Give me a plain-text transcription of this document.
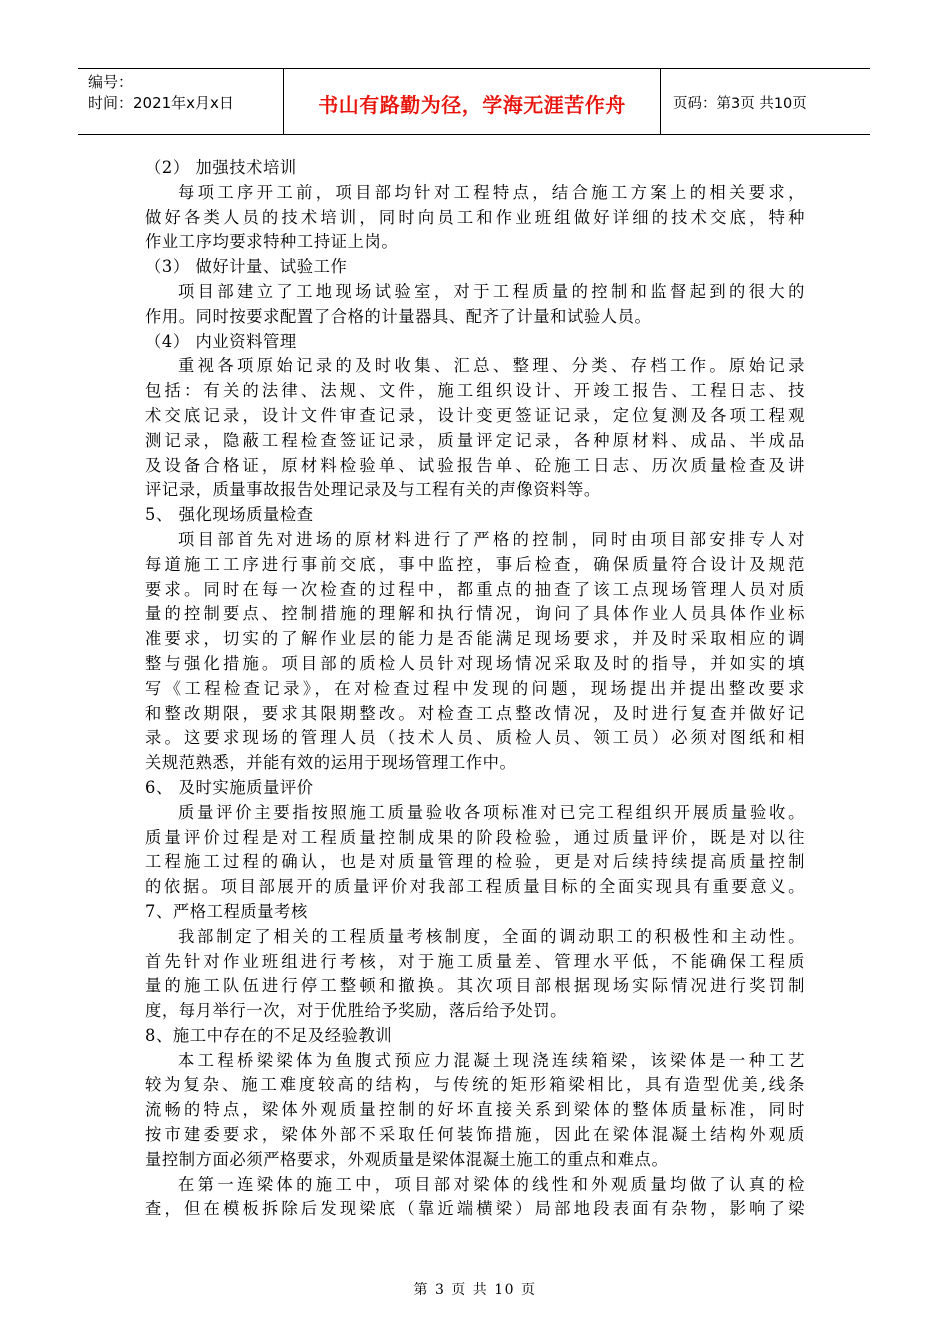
编号：
时间：2021年x月x日	书山有路勤为径，学海无涯苦作舟	页码：第3页 共10页
（2） 加强技术培训
每项工序开工前，项目部均针对工程特点，结合施工方案上的相关要求，
做好各类人员的技术培训，同时向员工和作业班组做好详细的技术交底，特种
作业工序均要求特种工持证上岗。
（3） 做好计量、试验工作
项目部建立了工地现场试验室，对于工程质量的控制和监督起到的很大的
作用。同时按要求配置了合格的计量器具、配齐了计量和试验人员。
（4） 内业资料管理
重视各项原始记录的及时收集、汇总、整理、分类、存档工作。原始记录
包括：有关的法律、法规、文件，施工组织设计、开竣工报告、工程日志、技
术交底记录，设计文件审查记录，设计变更签证记录，定位复测及各项工程观
测记录，隐蔽工程检查签证记录，质量评定记录，各种原材料、成品、半成品
及设备合格证，原材料检验单、试验报告单、砼施工日志、历次质量检查及讲
评记录，质量事故报告处理记录及与工程有关的声像资料等。
5、 强化现场质量检查
项目部首先对进场的原材料进行了严格的控制，同时由项目部安排专人对
每道施工工序进行事前交底，事中监控，事后检查，确保质量符合设计及规范
要求。同时在每一次检查的过程中，都重点的抽查了该工点现场管理人员对质
量的控制要点、控制措施的理解和执行情况，询问了具体作业人员具体作业标
准要求，切实的了解作业层的能力是否能满足现场要求，并及时采取相应的调
整与强化措施。项目部的质检人员针对现场情况采取及时的指导，并如实的填
写《工程检查记录》，在对检查过程中发现的问题，现场提出并提出整改要求
和整改期限，要求其限期整改。对检查工点整改情况，及时进行复查并做好记
录。这要求现场的管理人员（技术人员、质检人员、领工员）必须对图纸和相
关规范熟悉，并能有效的运用于现场管理工作中。
6、 及时实施质量评价
质量评价主要指按照施工质量验收各项标准对已完工程组织开展质量验收。
质量评价过程是对工程质量控制成果的阶段检验，通过质量评价，既是对以往
工程施工过程的确认，也是对质量管理的检验，更是对后续持续提高质量控制
的依据。项目部展开的质量评价对我部工程质量目标的全面实现具有重要意义。
7、严格工程质量考核
我部制定了相关的工程质量考核制度，全面的调动职工的积极性和主动性。
首先针对作业班组进行考核，对于施工质量差、管理水平低，不能确保工程质
量的施工队伍进行停工整顿和撤换。其次项目部根据现场实际情况进行奖罚制
度，每月举行一次，对于优胜给予奖励，落后给予处罚。
8、施工中存在的不足及经验教训
本工程桥梁梁体为鱼腹式预应力混凝土现浇连续箱梁，该梁体是一种工艺
较为复杂、施工难度较高的结构，与传统的矩形箱梁相比，具有造型优美,线条
流畅的特点，梁体外观质量控制的好坏直接关系到梁体的整体质量标准，同时
按市建委要求，梁体外部不采取任何装饰措施，因此在梁体混凝土结构外观质
量控制方面必须严格要求，外观质量是梁体混凝土施工的重点和难点。
在第一连梁体的施工中，项目部对梁体的线性和外观质量均做了认真的检
查，但在模板拆除后发现梁底（靠近端横梁）局部地段表面有杂物，影响了梁
第 3 页 共 10 页
